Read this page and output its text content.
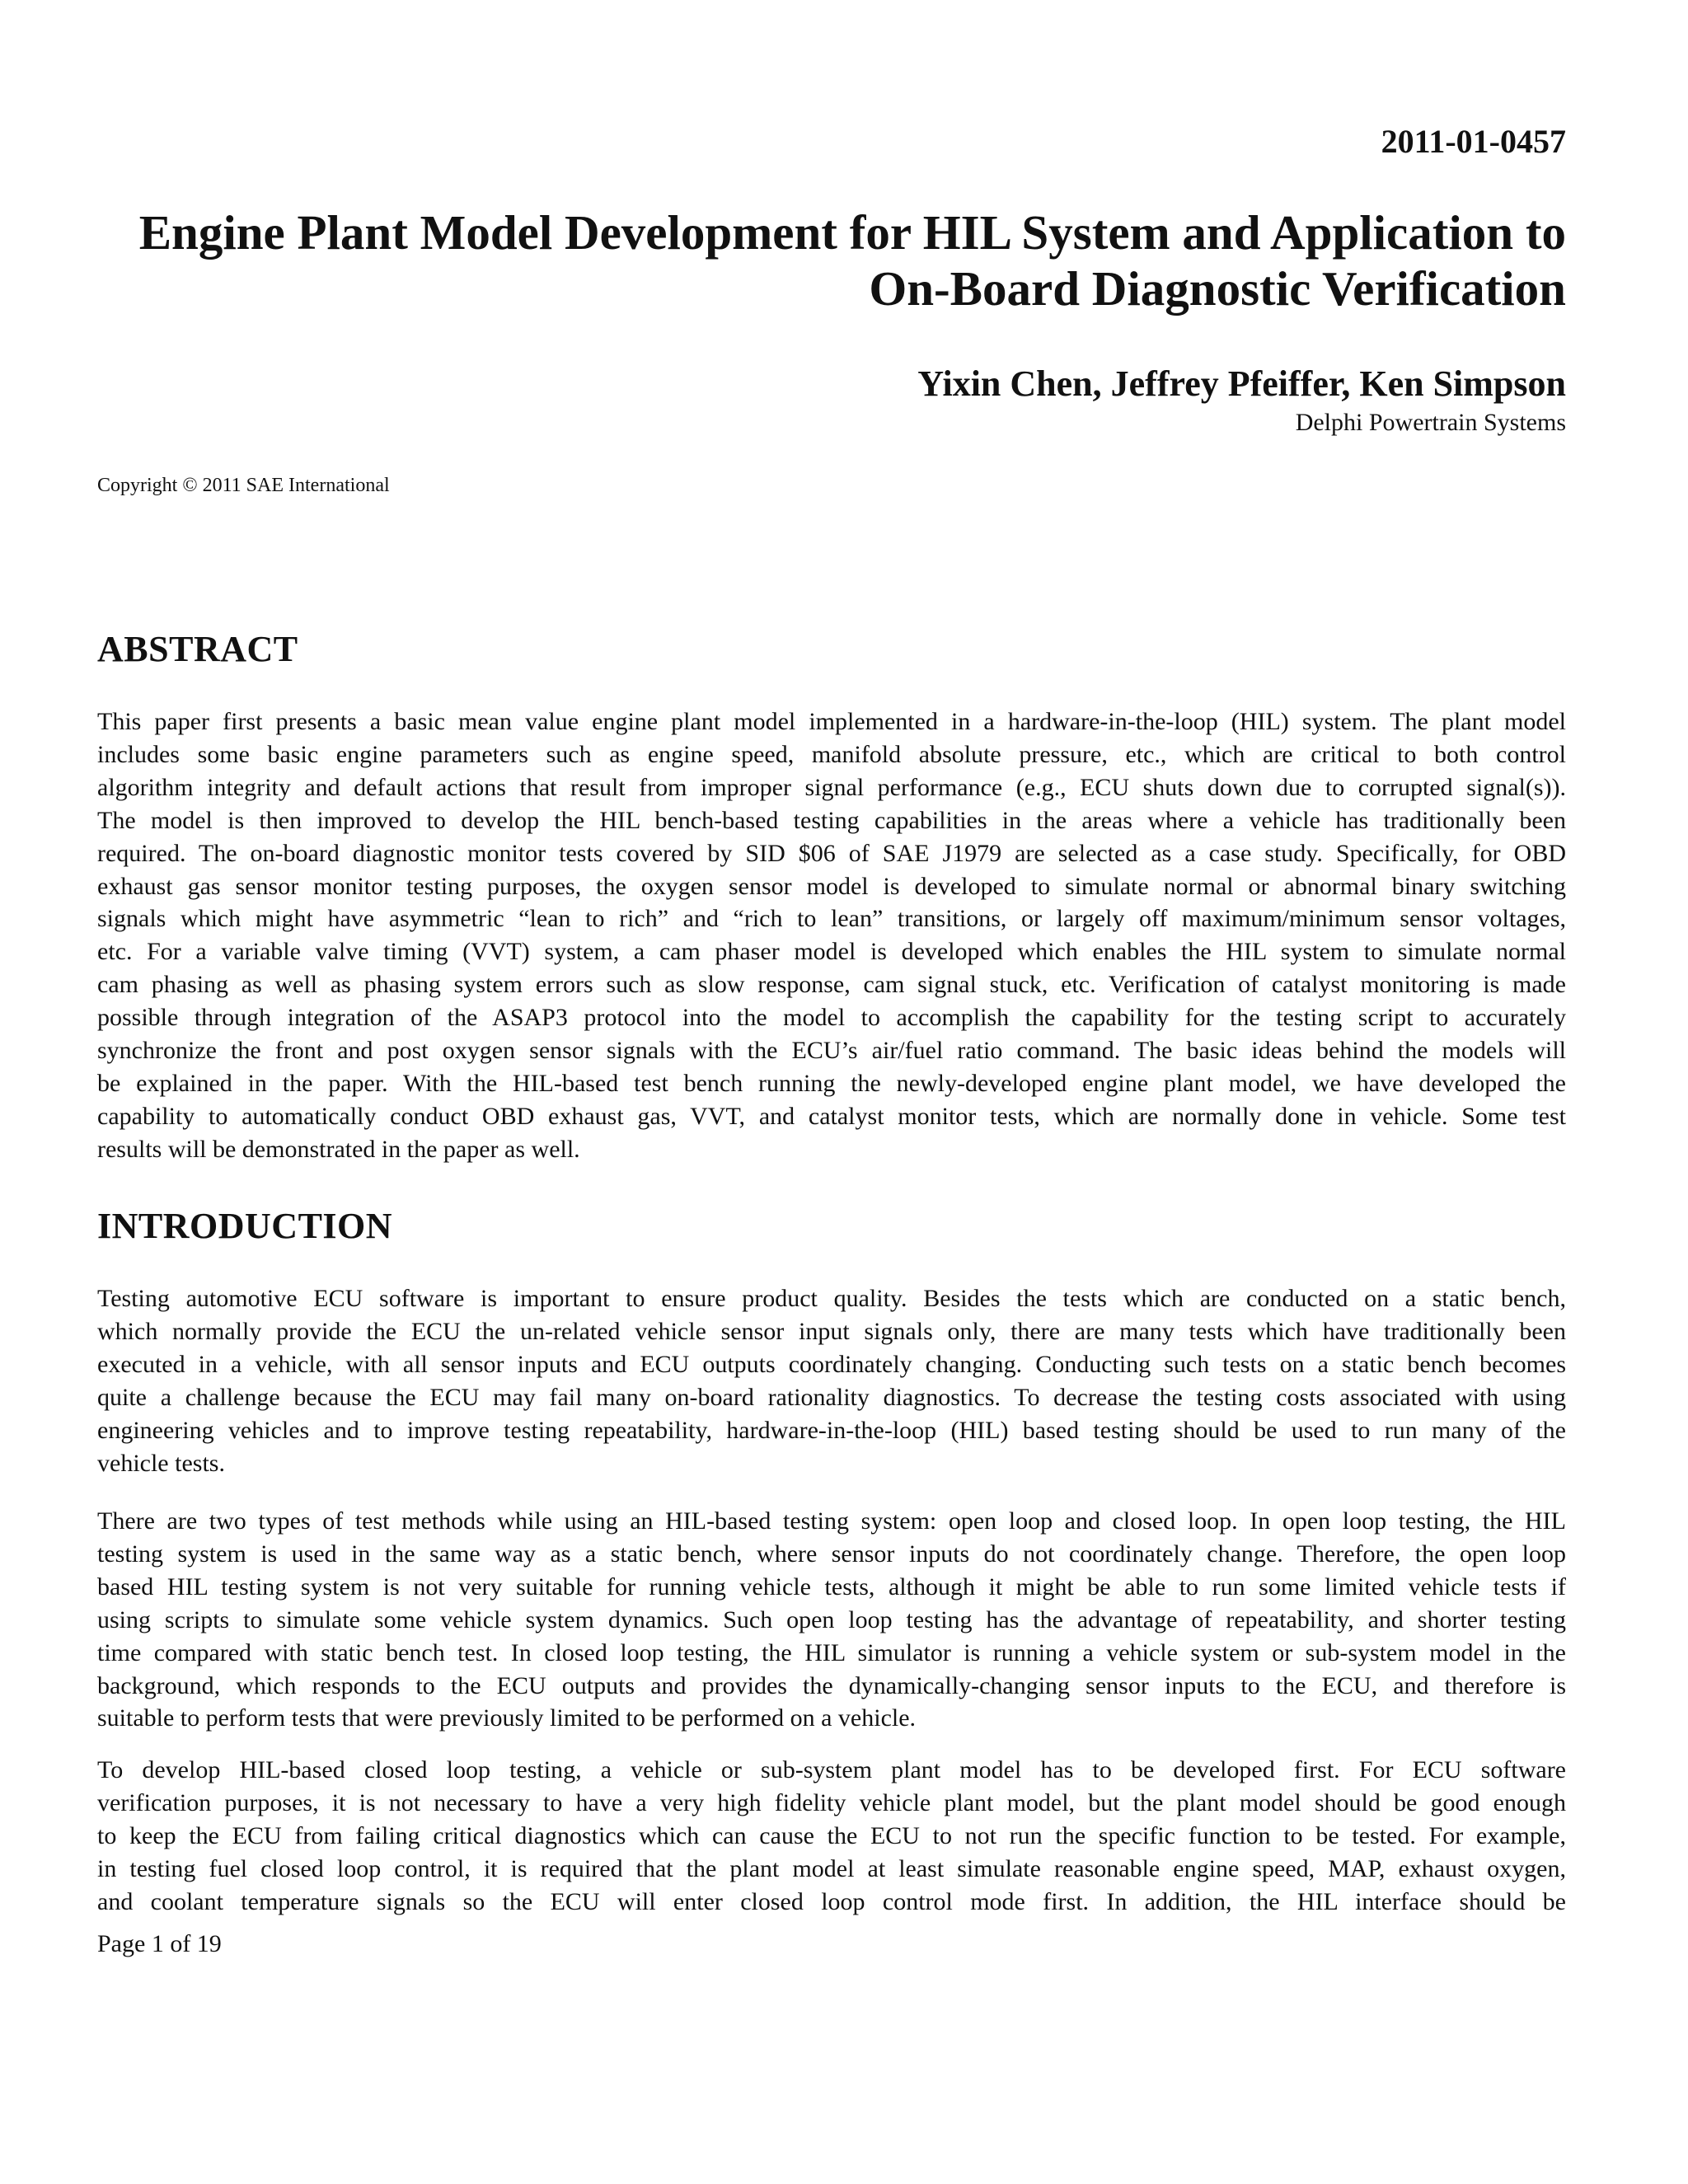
2011-01-0457
Engine Plant Model Development for HIL System and Application to
On-Board Diagnostic Verification
Yixin Chen, Jeffrey Pfeiffer, Ken Simpson
Delphi Powertrain Systems
Copyright © 2011 SAE International
ABSTRACT
This paper first presents a basic mean value engine plant model implemented in a hardware-in-the-loop (HIL) system. The plant model
includes some basic engine parameters such as engine speed, manifold absolute pressure, etc., which are critical to both control
algorithm integrity and default actions that result from improper signal performance (e.g., ECU shuts down due to corrupted signal(s)).
The model is then improved to develop the HIL bench-based testing capabilities in the areas where a vehicle has traditionally been
required. The on-board diagnostic monitor tests covered by SID $06 of SAE J1979 are selected as a case study. Specifically, for OBD
exhaust gas sensor monitor testing purposes, the oxygen sensor model is developed to simulate normal or abnormal binary switching
signals which might have asymmetric “lean to rich” and “rich to lean” transitions, or largely off maximum/minimum sensor voltages,
etc. For a variable valve timing (VVT) system, a cam phaser model is developed which enables the HIL system to simulate normal
cam phasing as well as phasing system errors such as slow response, cam signal stuck, etc. Verification of catalyst monitoring is made
possible through integration of the ASAP3 protocol into the model to accomplish the capability for the testing script to accurately
synchronize the front and post oxygen sensor signals with the ECU’s air/fuel ratio command. The basic ideas behind the models will
be explained in the paper. With the HIL-based test bench running the newly-developed engine plant model, we have developed the
capability to automatically conduct OBD exhaust gas, VVT, and catalyst monitor tests, which are normally done in vehicle. Some test
results will be demonstrated in the paper as well.
INTRODUCTION
Testing automotive ECU software is important to ensure product quality. Besides the tests which are conducted on a static bench,
which normally provide the ECU the un-related vehicle sensor input signals only, there are many tests which have traditionally been
executed in a vehicle, with all sensor inputs and ECU outputs coordinately changing. Conducting such tests on a static bench becomes
quite a challenge because the ECU may fail many on-board rationality diagnostics. To decrease the testing costs associated with using
engineering vehicles and to improve testing repeatability, hardware-in-the-loop (HIL) based testing should be used to run many of the
vehicle tests.
There are two types of test methods while using an HIL-based testing system: open loop and closed loop. In open loop testing, the HIL
testing system is used in the same way as a static bench, where sensor inputs do not coordinately change. Therefore, the open loop
based HIL testing system is not very suitable for running vehicle tests, although it might be able to run some limited vehicle tests if
using scripts to simulate some vehicle system dynamics. Such open loop testing has the advantage of repeatability, and shorter testing
time compared with static bench test. In closed loop testing, the HIL simulator is running a vehicle system or sub-system model in the
background, which responds to the ECU outputs and provides the dynamically-changing sensor inputs to the ECU, and therefore is
suitable to perform tests that were previously limited to be performed on a vehicle.
To develop HIL-based closed loop testing, a vehicle or sub-system plant model has to be developed first. For ECU software
verification purposes, it is not necessary to have a very high fidelity vehicle plant model, but the plant model should be good enough
to keep the ECU from failing critical diagnostics which can cause the ECU to not run the specific function to be tested. For example,
in testing fuel closed loop control, it is required that the plant model at least simulate reasonable engine speed, MAP, exhaust oxygen,
and coolant temperature signals so the ECU will enter closed loop control mode first. In addition, the HIL interface should be
Page 1 of 19
